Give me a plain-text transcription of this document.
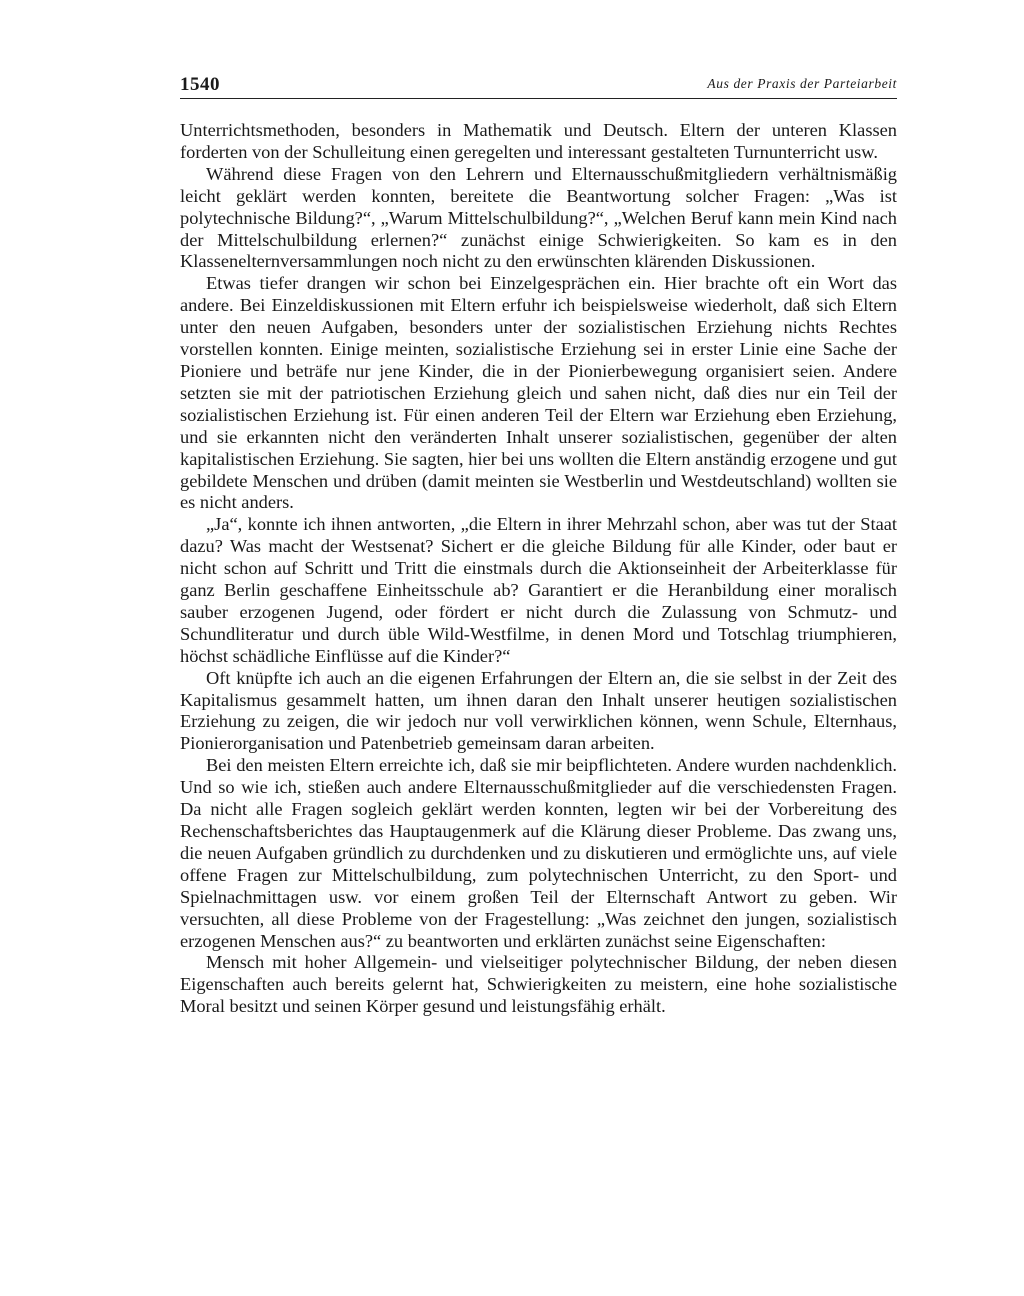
1540	Aus der Praxis der Parteiarbeit

Unterrichtsmethoden, besonders in Mathematik und Deutsch. Eltern der unteren Klassen forderten von der Schulleitung einen geregelten und interessant gestalteten Turnunterricht usw.

Während diese Fragen von den Lehrern und Elternausschußmitgliedern verhältnismäßig leicht geklärt werden konnten, bereitete die Beantwortung solcher Fragen: „Was ist polytechnische Bildung?“, „Warum Mittelschulbildung?“, „Welchen Beruf kann mein Kind nach der Mittelschulbildung erlernen?“ zunächst einige Schwierigkeiten. So kam es in den Klassenelternversammlungen noch nicht zu den erwünschten klärenden Diskussionen.

Etwas tiefer drangen wir schon bei Einzelgesprächen ein. Hier brachte oft ein Wort das andere. Bei Einzeldiskussionen mit Eltern erfuhr ich beispielsweise wiederholt, daß sich Eltern unter den neuen Aufgaben, besonders unter der sozialistischen Erziehung nichts Rechtes vorstellen konnten. Einige meinten, sozialistische Erziehung sei in erster Linie eine Sache der Pioniere und beträfe nur jene Kinder, die in der Pionierbewegung organisiert seien. Andere setzten sie mit der patriotischen Erziehung gleich und sahen nicht, daß dies nur ein Teil der sozialistischen Erziehung ist. Für einen anderen Teil der Eltern war Erziehung eben Erziehung, und sie erkannten nicht den veränderten Inhalt unserer sozialistischen, gegenüber der alten kapitalistischen Erziehung. Sie sagten, hier bei uns wollten die Eltern anständig erzogene und gut gebildete Menschen und drüben (damit meinten sie Westberlin und Westdeutschland) wollten sie es nicht anders.

„Ja“, konnte ich ihnen antworten, „die Eltern in ihrer Mehrzahl schon, aber was tut der Staat dazu? Was macht der Westsenat? Sichert er die gleiche Bildung für alle Kinder, oder baut er nicht schon auf Schritt und Tritt die einstmals durch die Aktionseinheit der Arbeiterklasse für ganz Berlin geschaffene Einheitsschule ab? Garantiert er die Heranbildung einer moralisch sauber erzogenen Jugend, oder fördert er nicht durch die Zulassung von Schmutz- und Schundliteratur und durch üble Wild-Westfilme, in denen Mord und Totschlag triumphieren, höchst schädliche Einflüsse auf die Kinder?“

Oft knüpfte ich auch an die eigenen Erfahrungen der Eltern an, die sie selbst in der Zeit des Kapitalismus gesammelt hatten, um ihnen daran den Inhalt unserer heutigen sozialistischen Erziehung zu zeigen, die wir jedoch nur voll verwirklichen können, wenn Schule, Elternhaus, Pionierorganisation und Patenbetrieb gemeinsam daran arbeiten.

Bei den meisten Eltern erreichte ich, daß sie mir beipflichteten. Andere wurden nachdenklich. Und so wie ich, stießen auch andere Elternausschußmitglieder auf die verschiedensten Fragen. Da nicht alle Fragen sogleich geklärt werden konnten, legten wir bei der Vorbereitung des Rechenschaftsberichtes das Hauptaugenmerk auf die Klärung dieser Probleme. Das zwang uns, die neuen Aufgaben gründlich zu durchdenken und zu diskutieren und ermöglichte uns, auf viele offene Fragen zur Mittelschulbildung, zum polytechnischen Unterricht, zu den Sport- und Spielnachmittagen usw. vor einem großen Teil der Elternschaft Antwort zu geben. Wir versuchten, all diese Probleme von der Fragestellung: „Was zeichnet den jungen, sozialistisch erzogenen Menschen aus?“ zu beantworten und erklärten zunächst seine Eigenschaften:

Mensch mit hoher Allgemein- und vielseitiger polytechnischer Bildung, der neben diesen Eigenschaften auch bereits gelernt hat, Schwierigkeiten zu meistern, eine hohe sozialistische Moral besitzt und seinen Körper gesund und leistungsfähig erhält.
